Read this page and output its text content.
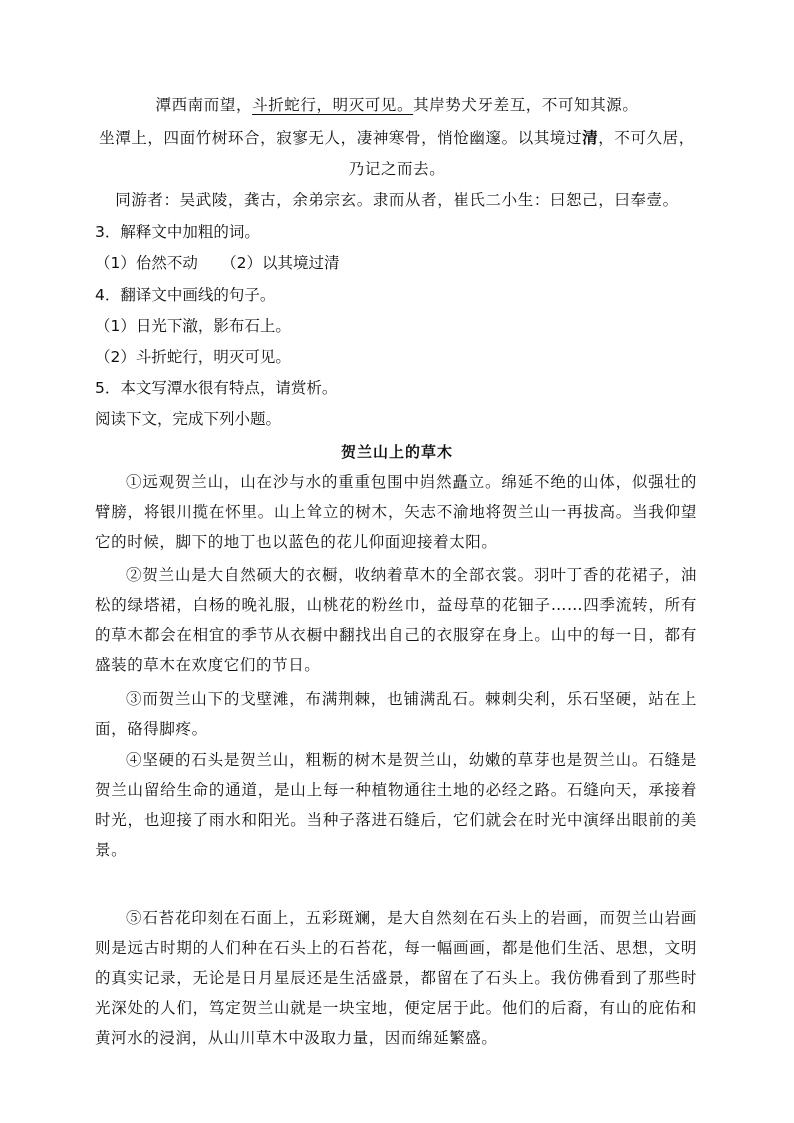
潭西南而望，斗折蛇行，明灭可见。其岸势犬牙差互，不可知其源。
坐潭上，四面竹树环合，寂寥无人，凄神寒骨，悄怆幽邃。以其境过清，不可久居，
乃记之而去。
同游者：吴武陵，龚古，余弟宗玄。隶而从者，崔氏二小生：曰恕己，曰奉壹。
3．解释文中加粗的词。
（1）佁然不动　　（2）以其境过清
4．翻译文中画线的句子。
（1）日光下澈，影布石上。
（2）斗折蛇行，明灭可见。
5．本文写潭水很有特点，请赏析。
阅读下文，完成下列小题。
贺兰山上的草木

①远观贺兰山，山在沙与水的重重包围中岿然矗立。绵延不绝的山体，似强壮的臂膀，将银川揽在怀里。山上耸立的树木，矢志不渝地将贺兰山一再拔高。当我仰望它的时候，脚下的地丁也以蓝色的花儿仰面迎接着太阳。

②贺兰山是大自然硕大的衣橱，收纳着草木的全部衣裳。羽叶丁香的花裙子，油松的绿塔裙，白杨的晚礼服，山桃花的粉丝巾，益母草的花钿子……四季流转，所有的草木都会在相宜的季节从衣橱中翻找出自己的衣服穿在身上。山中的每一日，都有盛装的草木在欢度它们的节日。

③而贺兰山下的戈壁滩，布满荆棘，也铺满乱石。棘刺尖利，乐石坚硬，站在上面，硌得脚疼。

④坚硬的石头是贺兰山，粗粝的树木是贺兰山，幼嫩的草芽也是贺兰山。石缝是贺兰山留给生命的通道，是山上每一种植物通往土地的必经之路。石缝向天，承接着时光，也迎接了雨水和阳光。当种子落进石缝后，它们就会在时光中演绎出眼前的美景。

⑤石苔花印刻在石面上，五彩斑斓，是大自然刻在石头上的岩画，而贺兰山岩画则是远古时期的人们种在石头上的石苔花，每一幅画画，都是他们生活、思想，文明的真实记录，无论是日月星辰还是生活盛景，都留在了石头上。我仿佛看到了那些时光深处的人们，笃定贺兰山就是一块宝地，便定居于此。他们的后裔，有山的庇佑和黄河水的浸润，从山川草木中汲取力量，因而绵延繁盛。
